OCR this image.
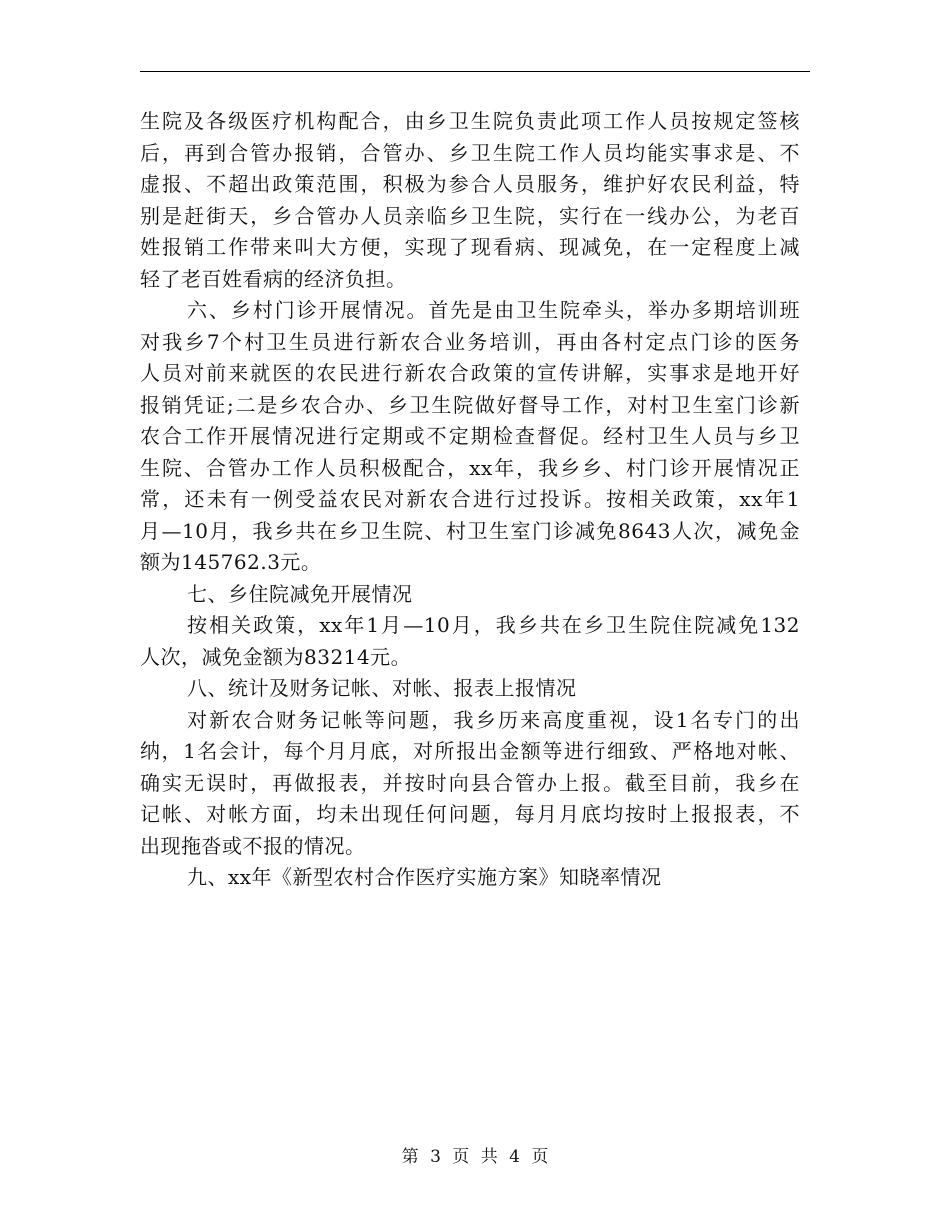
生院及各级医疗机构配合，由乡卫生院负责此项工作人员按规定签核
后，再到合管办报销，合管办、乡卫生院工作人员均能实事求是、不
虚报、不超出政策范围，积极为参合人员服务，维护好农民利益，特
别是赶街天，乡合管办人员亲临乡卫生院，实行在一线办公，为老百
姓报销工作带来叫大方便，实现了现看病、现减免，在一定程度上减
轻了老百姓看病的经济负担。
六、乡村门诊开展情况。首先是由卫生院牵头，举办多期培训班
对我乡7个村卫生员进行新农合业务培训，再由各村定点门诊的医务
人员对前来就医的农民进行新农合政策的宣传讲解，实事求是地开好
报销凭证;二是乡农合办、乡卫生院做好督导工作，对村卫生室门诊新
农合工作开展情况进行定期或不定期检查督促。经村卫生人员与乡卫
生院、合管办工作人员积极配合，xx年，我乡乡、村门诊开展情况正
常，还未有一例受益农民对新农合进行过投诉。按相关政策，xx年1
月—10月，我乡共在乡卫生院、村卫生室门诊减免8643人次，减免金
额为145762.3元。
七、乡住院减免开展情况
按相关政策，xx年1月—10月，我乡共在乡卫生院住院减免132
人次，减免金额为83214元。
八、统计及财务记帐、对帐、报表上报情况
对新农合财务记帐等问题，我乡历来高度重视，设1名专门的出
纳，1名会计，每个月月底，对所报出金额等进行细致、严格地对帐、
确实无误时，再做报表，并按时向县合管办上报。截至目前，我乡在
记帐、对帐方面，均未出现任何问题，每月月底均按时上报报表，不
出现拖沓或不报的情况。
九、xx年《新型农村合作医疗实施方案》知晓率情况
第 3 页 共 4 页
